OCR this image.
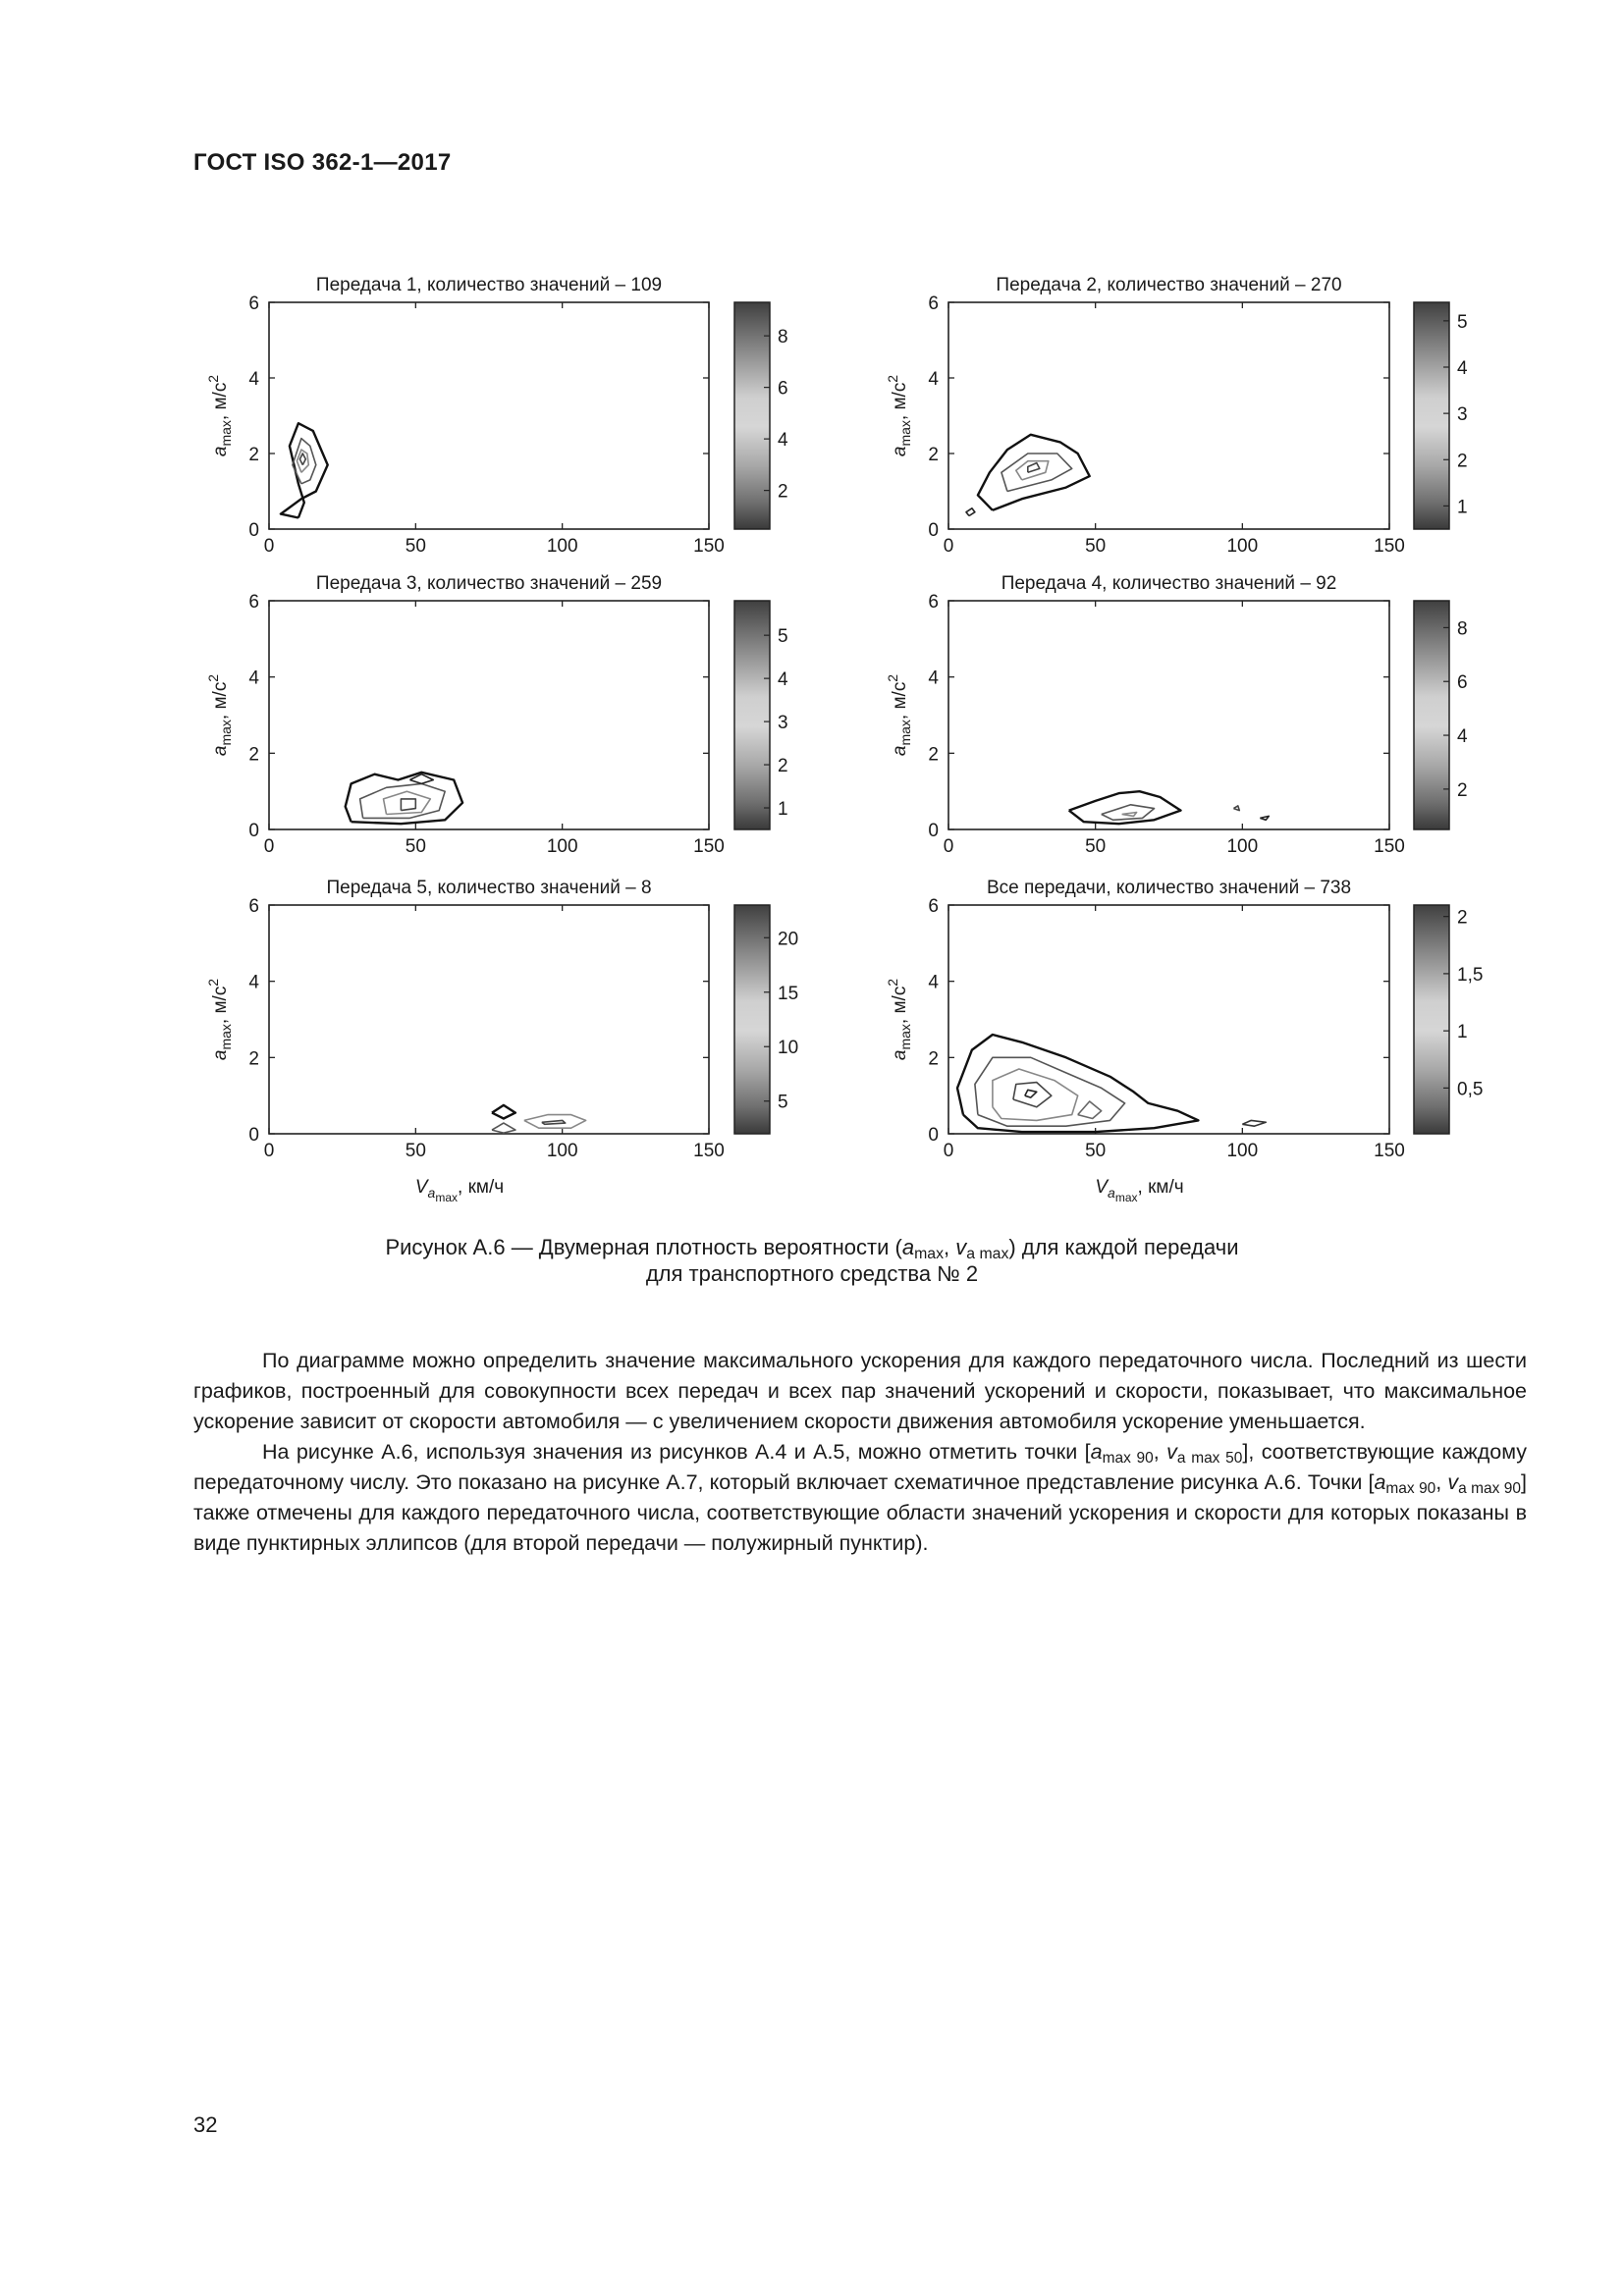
ГОСТ ISO 362-1—2017
Передача 1, количество значений – 109
0	50	100	150
0
2
4
6
$a_{max}$, $м/с^2$
2
4
6
8
Передача 2, количество значений – 270
0	50	100	150
0
2
4
6
$a_{max}$, $м/с^2$
1
2
3
4
5
Передача 3, количество значений – 259
0	50	100	150
0
2
4
6
$a_{max}$, $м/с^2$
1
2
3
4
5
Передача 4, количество значений – 92
0	50	100	150
0
2
4
6
$a_{max}$, $м/с^2$
2
4
6
8
Передача 5, количество значений – 8
0	50	100	150
0
2
4
6
$a_{max}$, $м/с^2$
$V_{amax}$, км/ч
5
10
15
20
Все передачи, количество значений – 738
0	50	100	150
0
2
4
6
$a_{max}$, $м/с^2$
$V_{amax}$, км/ч
0,5
1
1,5
2
Рисунок А.6 — Двумерная плотность вероятности ($a_{max}$, $v_{a max}$) для каждой передачи
для транспортного средства № 2

По диаграмме можно определить значение максимального ускорения для каждого передаточного числа. Последний из шести графиков, построенный для совокупности всех передач и всех пар значений ускорений и скорости, показывает, что максимальное ускорение зависит от скорости автомобиля — с увеличением скорости движения автомобиля ускорение уменьшается.

На рисунке А.6, используя значения из рисунков А.4 и А.5, можно отметить точки [$a_{max 90}$, $v_{a max 50}$], соответствующие каждому передаточному числу. Это показано на рисунке А.7, который включает схематичное представление рисунка А.6. Точки [$a_{max 90}$, $v_{a max 90}$] также отмечены для каждого передаточного числа, соответствующие области значений ускорения и скорости для которых показаны в виде пунктирных эллипсов (для второй передачи — полужирный пунктир).

32
